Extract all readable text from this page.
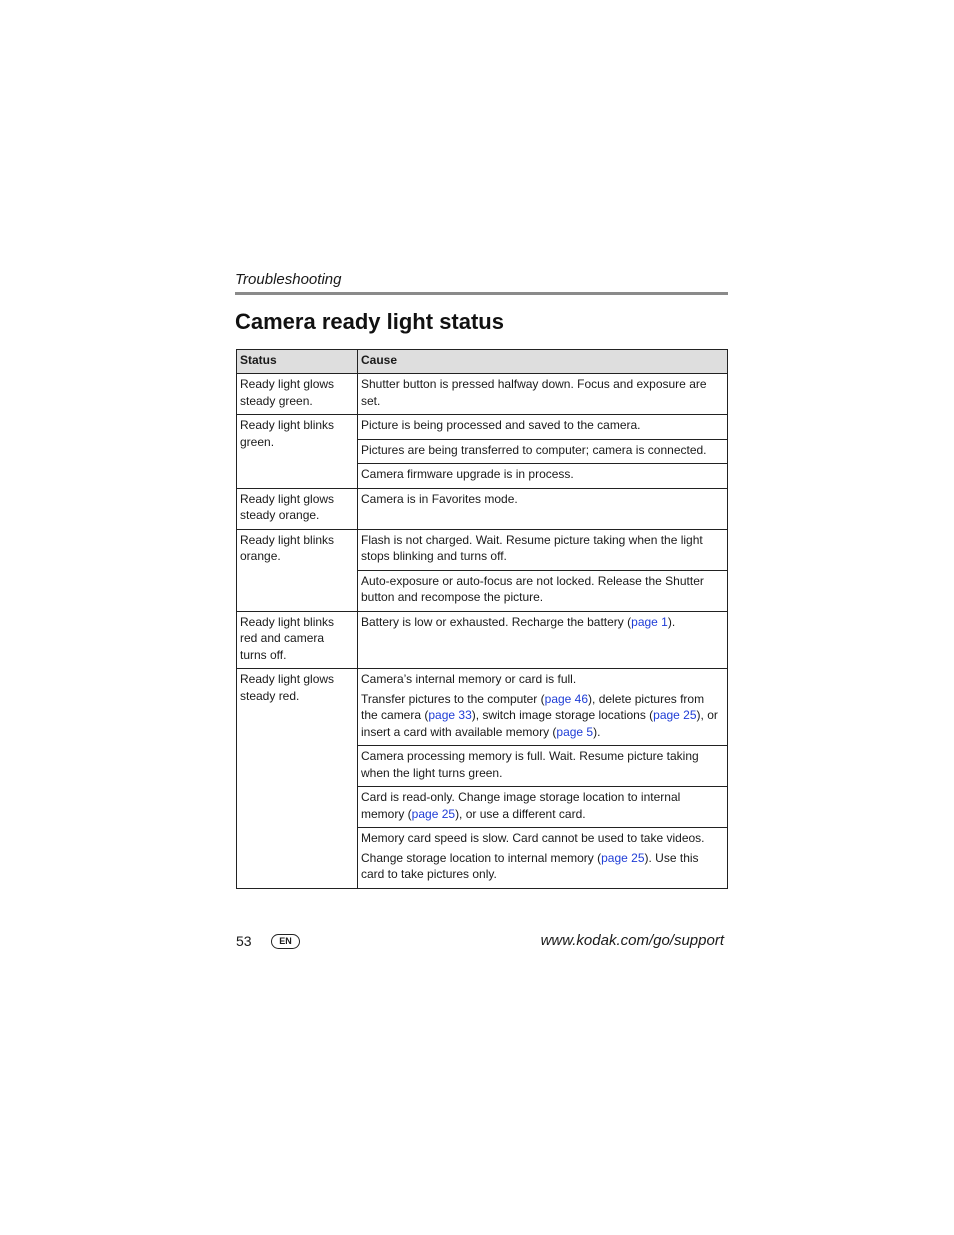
Troubleshooting
Camera ready light status
Status	Cause
Ready light glows steady green.	Shutter button is pressed halfway down. Focus and exposure are set.
Ready light blinks green.	Picture is being processed and saved to the camera.
	Pictures are being transferred to computer; camera is connected.
	Camera firmware upgrade is in process.
Ready light glows steady orange.	Camera is in Favorites mode.
Ready light blinks orange.	Flash is not charged. Wait. Resume picture taking when the light stops blinking and turns off.
	Auto-exposure or auto-focus are not locked. Release the Shutter button and recompose the picture.
Ready light blinks red and camera turns off.	Battery is low or exhausted. Recharge the battery (page 1).
Ready light glows steady red.	Camera’s internal memory or card is full.

Transfer pictures to the computer (page 46), delete pictures from the camera (page 33), switch image storage locations (page 25), or insert a card with available memory (page 5).

	Camera processing memory is full. Wait. Resume picture taking when the light turns green.
	Card is read-only. Change image storage location to internal memory (page 25), or use a different card.

	Memory card speed is slow. Card cannot be used to take videos.

Change storage location to internal memory (page 25). Use this card to take pictures only.

53	EN	www.kodak.com/go/support
